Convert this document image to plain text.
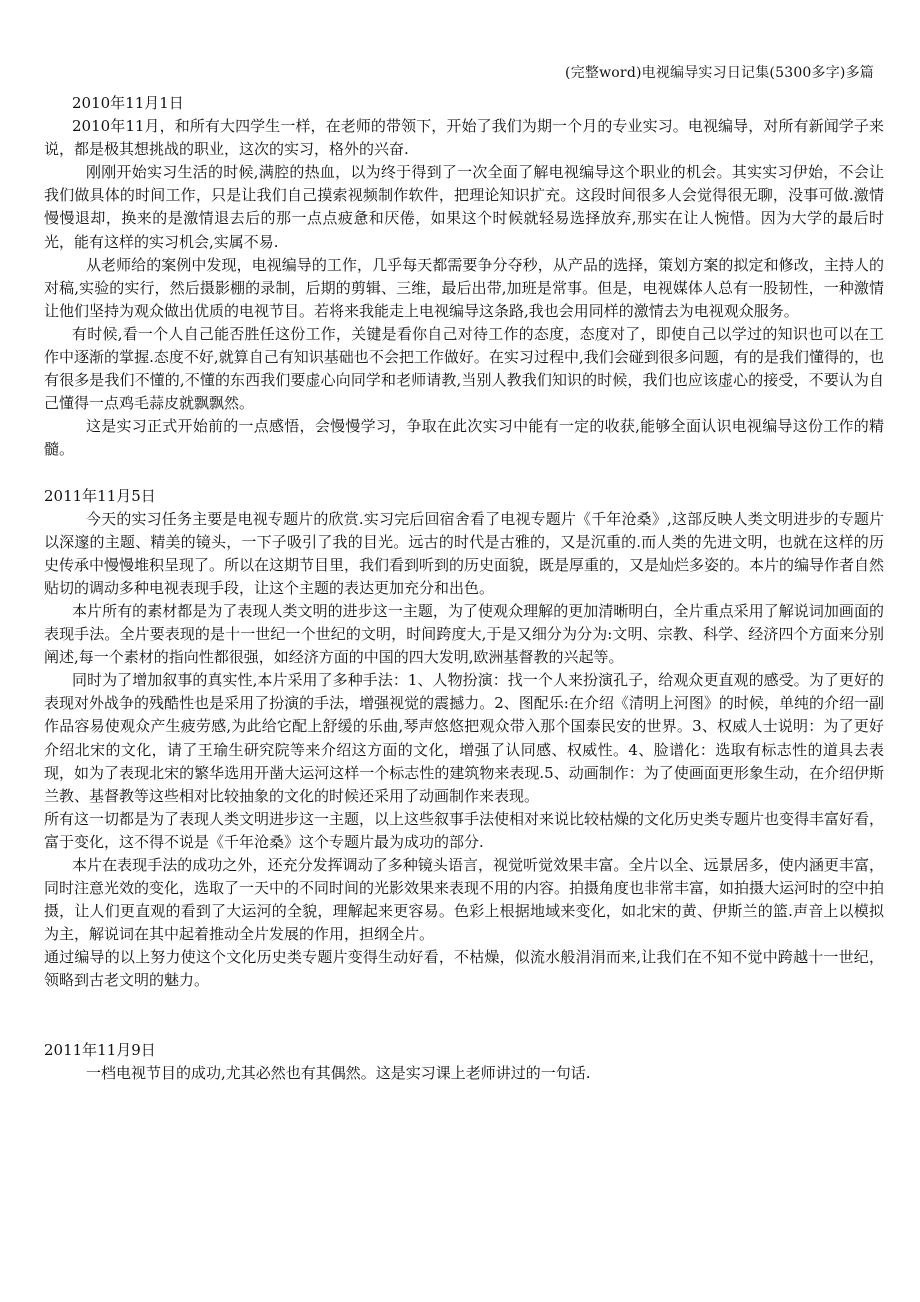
(完整word)电视编导实习日记集(5300多字)多篇

2010年11月1日

2010年11月，和所有大四学生一样，在老师的带领下，开始了我们为期一个月的专业实习。电视编导，对所有新闻学子来说，都是极其想挑战的职业，这次的实习，格外的兴奋.

刚刚开始实习生活的时候,满腔的热血，以为终于得到了一次全面了解电视编导这个职业的机会。其实实习伊始，不会让我们做具体的时间工作，只是让我们自己摸索视频制作软件，把理论知识扩充。这段时间很多人会觉得很无聊，没事可做.激情慢慢退却，换来的是激情退去后的那一点点疲惫和厌倦，如果这个时候就轻易选择放弃,那实在让人惋惜。因为大学的最后时光，能有这样的实习机会,实属不易.

从老师给的案例中发现，电视编导的工作，几乎每天都需要争分夺秒，从产品的选择，策划方案的拟定和修改，主持人的对稿,实验的实行，然后摄影棚的录制，后期的剪辑、三维，最后出带,加班是常事。但是，电视媒体人总有一股韧性，一种激情让他们坚持为观众做出优质的电视节目。若将来我能走上电视编导这条路,我也会用同样的激情去为电视观众服务。

有时候,看一个人自己能否胜任这份工作，关键是看你自己对待工作的态度，态度对了，即使自己以学过的知识也可以在工作中逐渐的掌握.态度不好,就算自己有知识基础也不会把工作做好。在实习过程中,我们会碰到很多问题，有的是我们懂得的，也有很多是我们不懂的,不懂的东西我们要虚心向同学和老师请教,当别人教我们知识的时候，我们也应该虚心的接受，不要认为自己懂得一点鸡毛蒜皮就飘飘然。

这是实习正式开始前的一点感悟，会慢慢学习，争取在此次实习中能有一定的收获,能够全面认识电视编导这份工作的精髓。

2011年11月5日

今天的实习任务主要是电视专题片的欣赏.实习完后回宿舍看了电视专题片《千年沧桑》,这部反映人类文明进步的专题片以深邃的主题、精美的镜头，一下子吸引了我的目光。远古的时代是古雅的，又是沉重的.而人类的先进文明，也就在这样的历史传承中慢慢堆积呈现了。所以在这期节目里，我们看到听到的历史面貌，既是厚重的，又是灿烂多姿的。本片的编导作者自然贴切的调动多种电视表现手段，让这个主题的表达更加充分和出色。

本片所有的素材都是为了表现人类文明的进步这一主题，为了使观众理解的更加清晰明白，全片重点采用了解说词加画面的表现手法。全片要表现的是十一世纪一个世纪的文明，时间跨度大,于是又细分为分为:文明、宗教、科学、经济四个方面来分别阐述,每一个素材的指向性都很强，如经济方面的中国的四大发明,欧洲基督教的兴起等。

同时为了增加叙事的真实性,本片采用了多种手法：1、人物扮演：找一个人来扮演孔子，给观众更直观的感受。为了更好的表现对外战争的残酷性也是采用了扮演的手法，增强视觉的震撼力。2、图配乐:在介绍《清明上河图》的时候，单纯的介绍一副作品容易使观众产生疲劳感,为此给它配上舒缓的乐曲,琴声悠悠把观众带入那个国泰民安的世界。3、权威人士说明：为了更好介绍北宋的文化，请了王瑜生研究院等来介绍这方面的文化，增强了认同感、权威性。4、脸谱化：选取有标志性的道具去表现，如为了表现北宋的繁华选用开凿大运河这样一个标志性的建筑物来表现.5、动画制作：为了使画面更形象生动，在介绍伊斯兰教、基督教等这些相对比较抽象的文化的时候还采用了动画制作来表现。

所有这一切都是为了表现人类文明进步这一主题，以上这些叙事手法使相对来说比较枯燥的文化历史类专题片也变得丰富好看，富于变化，这不得不说是《千年沧桑》这个专题片最为成功的部分.

本片在表现手法的成功之外，还充分发挥调动了多种镜头语言，视觉听觉效果丰富。全片以全、远景居多，使内涵更丰富，同时注意光效的变化，选取了一天中的不同时间的光影效果来表现不用的内容。拍摄角度也非常丰富，如拍摄大运河时的空中拍摄，让人们更直观的看到了大运河的全貌，理解起来更容易。色彩上根据地域来变化，如北宋的黄、伊斯兰的篮.声音上以模拟为主，解说词在其中起着推动全片发展的作用，担纲全片。

通过编导的以上努力使这个文化历史类专题片变得生动好看，不枯燥，似流水般涓涓而来,让我们在不知不觉中跨越十一世纪，领略到古老文明的魅力。

2011年11月9日

一档电视节目的成功,尤其必然也有其偶然。这是实习课上老师讲过的一句话.
